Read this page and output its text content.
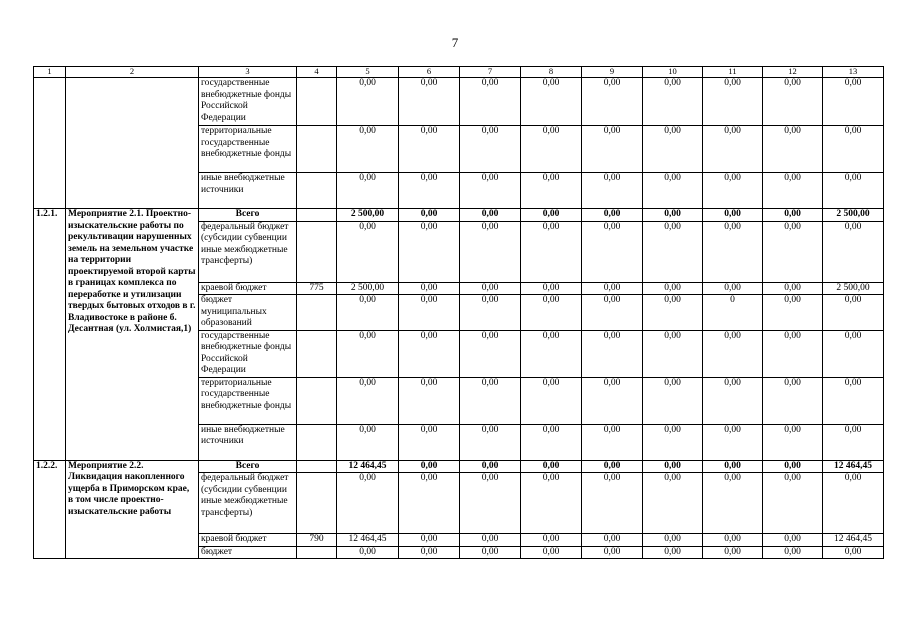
7
1	2	3	4	5	6	7	8	9	10	11	12	13
		государственные внебюджетные фонды Российской Федерации		0,00	0,00	0,00	0,00	0,00	0,00	0,00	0,00	0,00
		территориальные государственные внебюджетные фонды		0,00	0,00	0,00	0,00	0,00	0,00	0,00	0,00	0,00
		иные внебюджетные источники		0,00	0,00	0,00	0,00	0,00	0,00	0,00	0,00	0,00
1.2.1.	Мероприятие 2.1. Проектно-изыскательские работы по рекультивации нарушенных земель на земельном участке на территории проектируемой второй карты в границах комплекса по переработке и утилизации твердых бытовых отходов в г. Владивостоке в районе б. Десантная (ул. Холмистая,1)	Всего		2 500,00	0,00	0,00	0,00	0,00	0,00	0,00	0,00	2 500,00
		федеральный бюджет (субсидии субвенции иные межбюджетные трансферты)		0,00	0,00	0,00	0,00	0,00	0,00	0,00	0,00	0,00
		краевой бюджет	775	2 500,00	0,00	0,00	0,00	0,00	0,00	0,00	0,00	2 500,00
		бюджет муниципальных образований		0,00	0,00	0,00	0,00	0,00	0,00	0	0,00	0,00
		государственные внебюджетные фонды Российской Федерации		0,00	0,00	0,00	0,00	0,00	0,00	0,00	0,00	0,00
		территориальные государственные внебюджетные фонды		0,00	0,00	0,00	0,00	0,00	0,00	0,00	0,00	0,00
		иные внебюджетные источники		0,00	0,00	0,00	0,00	0,00	0,00	0,00	0,00	0,00
1.2.2.	Мероприятие 2.2. Ликвидация накопленного ущерба в Приморском крае, в том числе проектно-изыскательские работы	Всего		12 464,45	0,00	0,00	0,00	0,00	0,00	0,00	0,00	12 464,45
		федеральный бюджет (субсидии субвенции иные межбюджетные трансферты)		0,00	0,00	0,00	0,00	0,00	0,00	0,00	0,00	0,00
		краевой бюджет	790	12 464,45	0,00	0,00	0,00	0,00	0,00	0,00	0,00	12 464,45
		бюджет		0,00	0,00	0,00	0,00	0,00	0,00	0,00	0,00	0,00
